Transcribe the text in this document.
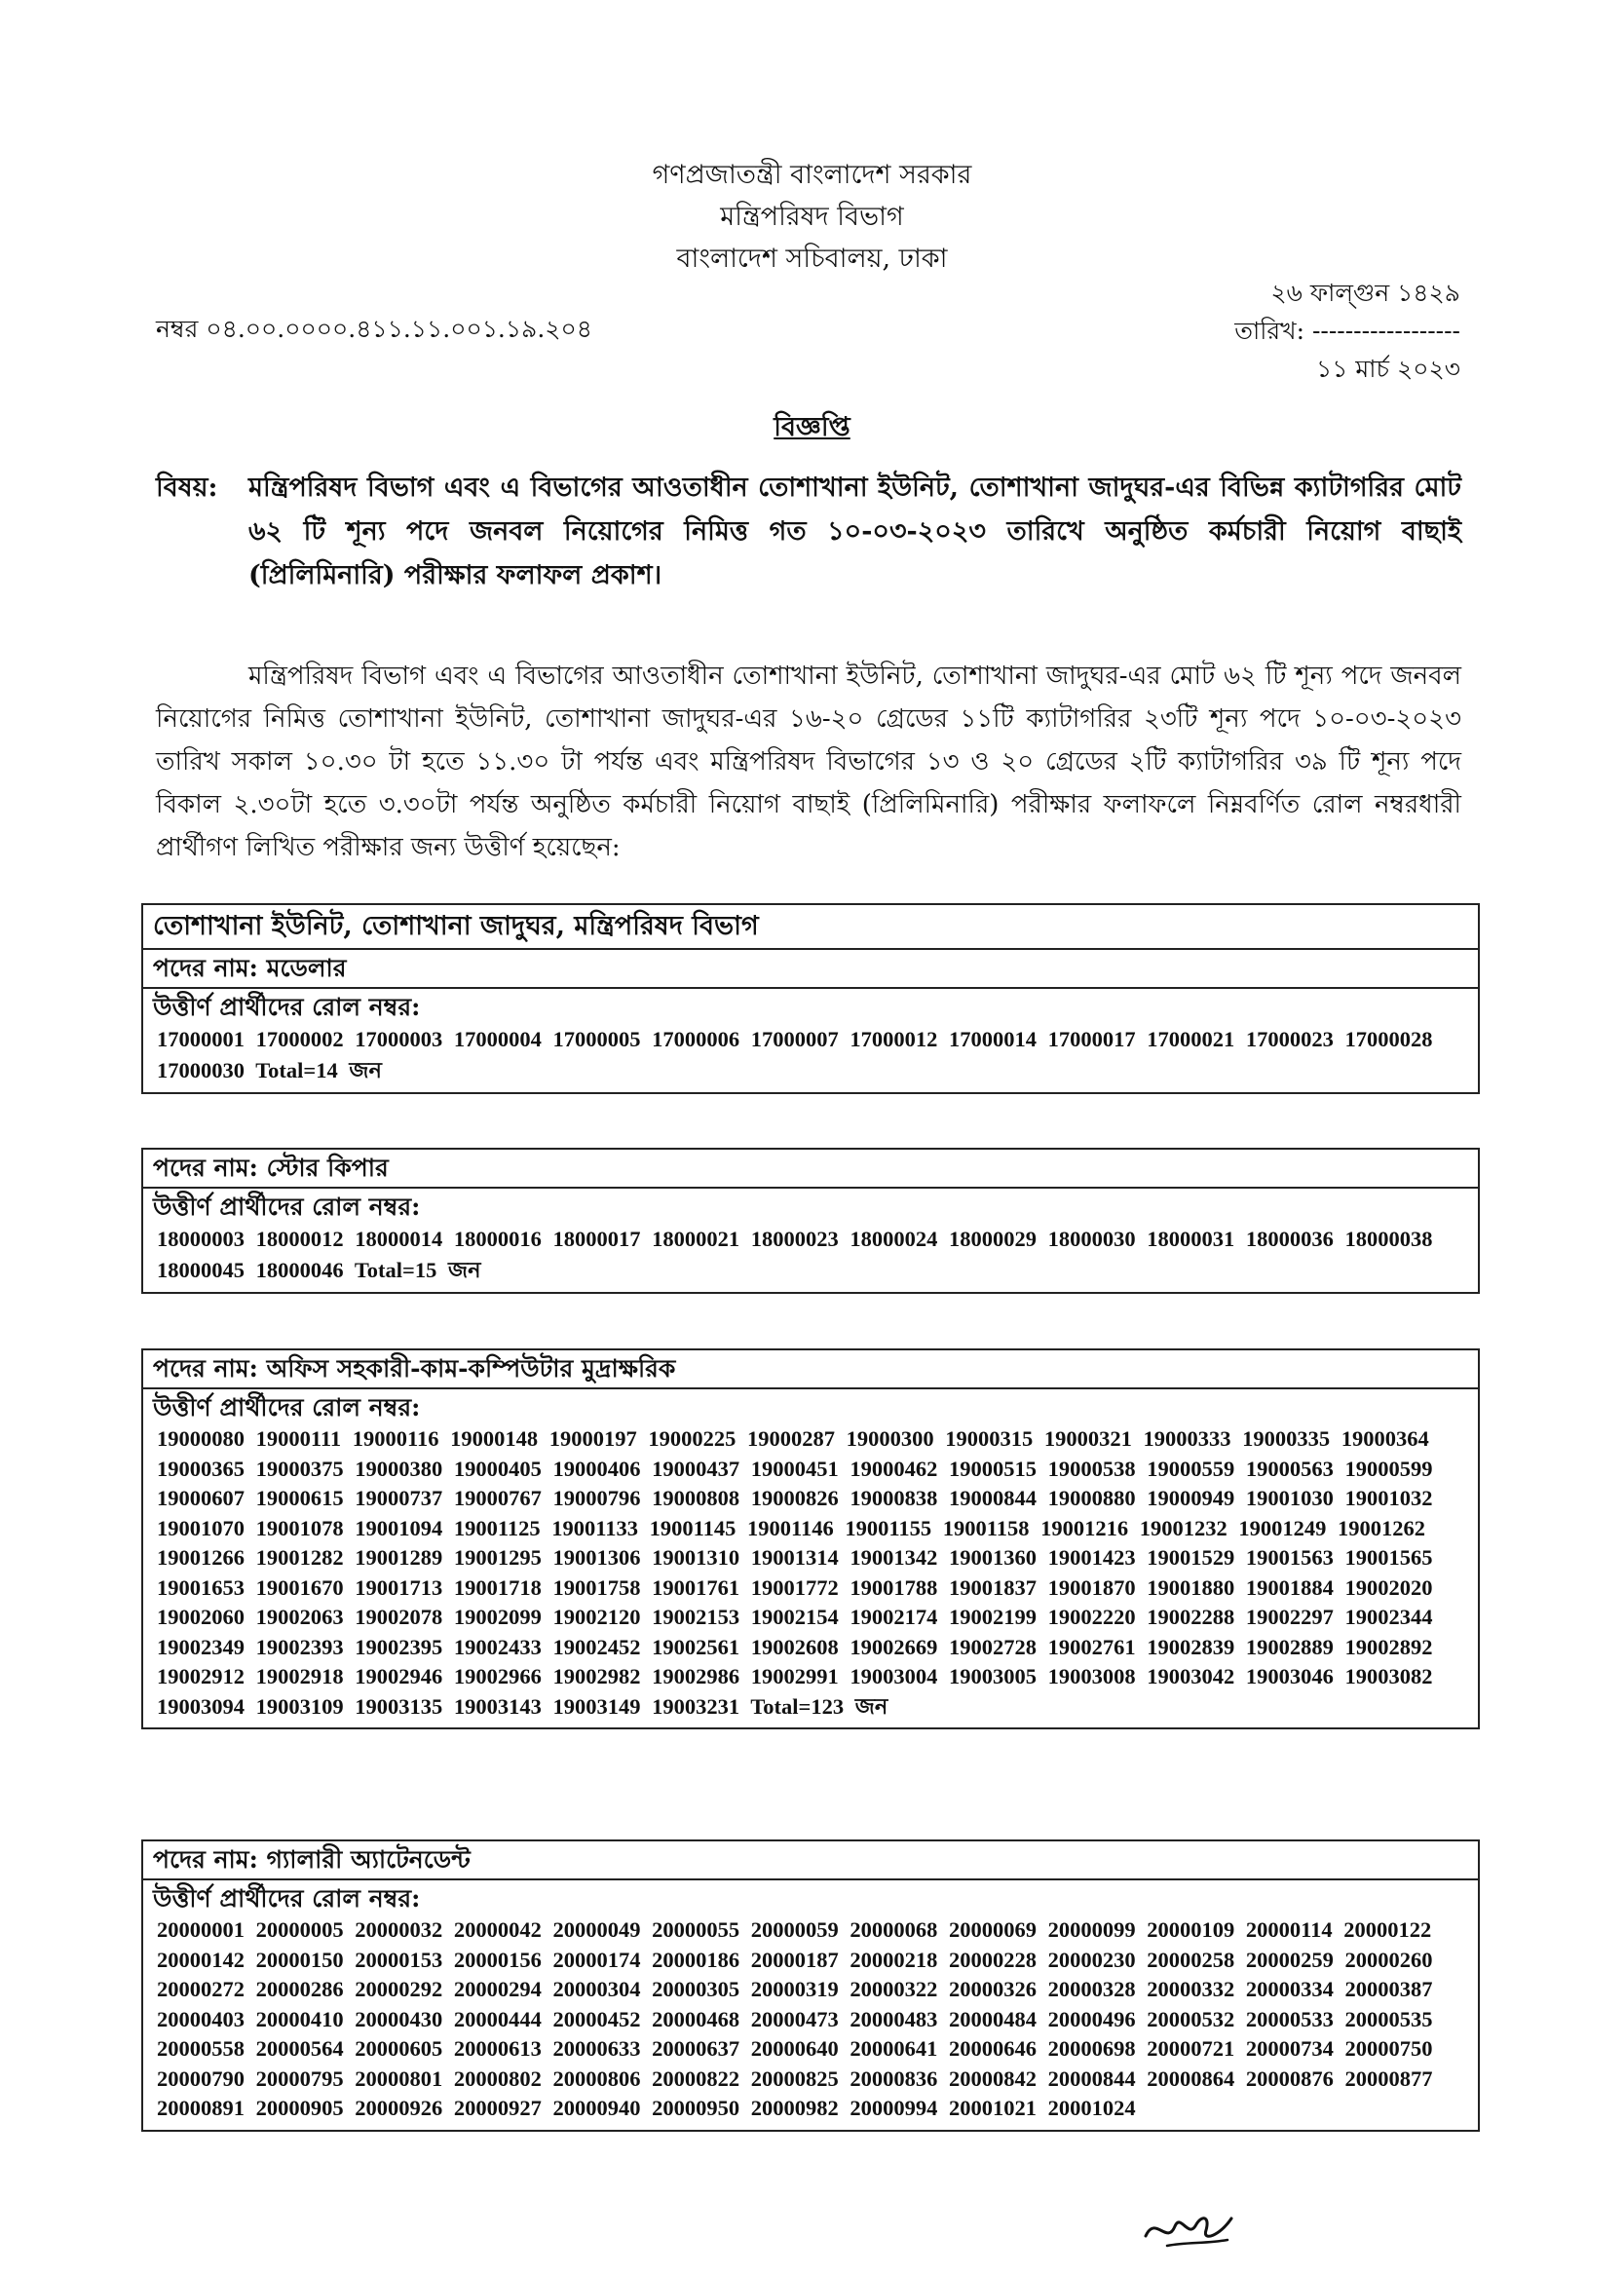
গণপ্রজাতন্ত্রী বাংলাদেশ সরকার
মন্ত্রিপরিষদ বিভাগ
বাংলাদেশ সচিবালয়, ঢাকা
নম্বর ০৪.০০.০০০০.৪১১.১১.০০১.১৯.২০৪
২৬ ফাল্গুন ১৪২৯
তারিখ: ------------------
১১ মার্চ ২০২৩
বিজ্ঞপ্তি
বিষয়: মন্ত্রিপরিষদ বিভাগ এবং এ বিভাগের আওতাধীন তোশাখানা ইউনিট, তোশাখানা জাদুঘর-এর বিভিন্ন ক্যাটাগরির মোট ৬২ টি শূন্য পদে জনবল নিয়োগের নিমিত্ত গত ১০-০৩-২০২৩ তারিখে অনুষ্ঠিত কর্মচারী নিয়োগ বাছাই (প্রিলিমিনারি) পরীক্ষার ফলাফল প্রকাশ।
মন্ত্রিপরিষদ বিভাগ এবং এ বিভাগের আওতাধীন তোশাখানা ইউনিট, তোশাখানা জাদুঘর-এর মোট ৬২ টি শূন্য পদে জনবল নিয়োগের নিমিত্ত তোশাখানা ইউনিট, তোশাখানা জাদুঘর-এর ১৬-২০ গ্রেডের ১১টি ক্যাটাগরির ২৩টি শূন্য পদে ১০-০৩-২০২৩ তারিখ সকাল ১০.৩০ টা হতে ১১.৩০ টা পর্যন্ত এবং মন্ত্রিপরিষদ বিভাগের ১৩ ও ২০ গ্রেডের ২টি ক্যাটাগরির ৩৯ টি শূন্য পদে বিকাল ২.৩০টা হতে ৩.৩০টা পর্যন্ত অনুষ্ঠিত কর্মচারী নিয়োগ বাছাই (প্রিলিমিনারি) পরীক্ষার ফলাফলে নিম্নবর্ণিত রোল নম্বরধারী প্রার্থীগণ লিখিত পরীক্ষার জন্য উত্তীর্ণ হয়েছেন:
তোশাখানা ইউনিট, তোশাখানা জাদুঘর, মন্ত্রিপরিষদ বিভাগ
পদের নাম: মডেলার
উত্তীর্ণ প্রার্থীদের রোল নম্বর:
17000001 17000002 17000003 17000004 17000005 17000006 17000007 17000012 17000014 17000017 17000021 17000023 17000028 17000030 Total=14 জন
পদের নাম: স্টোর কিপার
উত্তীর্ণ প্রার্থীদের রোল নম্বর:
18000003 18000012 18000014 18000016 18000017 18000021 18000023 18000024 18000029 18000030 18000031 18000036 18000038 18000045 18000046 Total=15 জন
পদের নাম: অফিস সহকারী-কাম-কম্পিউটার মুদ্রাক্ষরিক
উত্তীর্ণ প্রার্থীদের রোল নম্বর:
19000080 19000111 19000116 19000148 19000197 19000225 19000287 19000300 19000315 19000321 19000333 19000335 19000364 19000365 19000375 19000380 19000405 19000406 19000437 19000451 19000462 19000515 19000538 19000559 19000563 19000599 19000607 19000615 19000737 19000767 19000796 19000808 19000826 19000838 19000844 19000880 19000949 19001030 19001032 19001070 19001078 19001094 19001125 19001133 19001145 19001146 19001155 19001158 19001216 19001232 19001249 19001262 19001266 19001282 19001289 19001295 19001306 19001310 19001314 19001342 19001360 19001423 19001529 19001563 19001565 19001653 19001670 19001713 19001718 19001758 19001761 19001772 19001788 19001837 19001870 19001880 19001884 19002020 19002060 19002063 19002078 19002099 19002120 19002153 19002154 19002174 19002199 19002220 19002288 19002297 19002344 19002349 19002393 19002395 19002433 19002452 19002561 19002608 19002669 19002728 19002761 19002839 19002889 19002892 19002912 19002918 19002946 19002966 19002982 19002986 19002991 19003004 19003005 19003008 19003042 19003046 19003082 19003094 19003109 19003135 19003143 19003149 19003231 Total=123 জন
পদের নাম: গ্যালারী অ্যাটেনডেন্ট
উত্তীর্ণ প্রার্থীদের রোল নম্বর:
20000001 20000005 20000032 20000042 20000049 20000055 20000059 20000068 20000069 20000099 20000109 20000114 20000122 20000142 20000150 20000153 20000156 20000174 20000186 20000187 20000218 20000228 20000230 20000258 20000259 20000260 20000272 20000286 20000292 20000294 20000304 20000305 20000319 20000322 20000326 20000328 20000332 20000334 20000387 20000403 20000410 20000430 20000444 20000452 20000468 20000473 20000483 20000484 20000496 20000532 20000533 20000535 20000558 20000564 20000605 20000613 20000633 20000637 20000640 20000641 20000646 20000698 20000721 20000734 20000750 20000790 20000795 20000801 20000802 20000806 20000822 20000825 20000836 20000842 20000844 20000864 20000876 20000877 20000891 20000905 20000926 20000927 20000940 20000950 20000982 20000994 20001021 20001024
